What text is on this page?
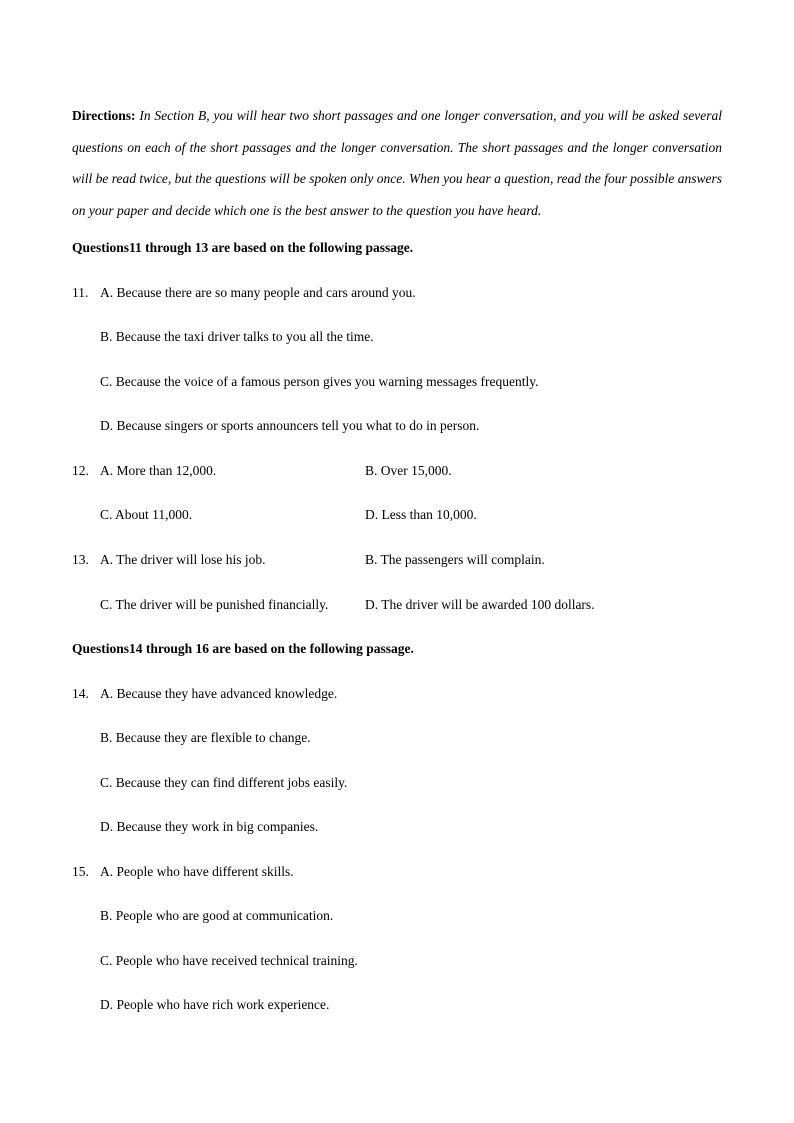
Directions: In Section B, you will hear two short passages and one longer conversation, and you will be asked several questions on each of the short passages and the longer conversation. The short passages and the longer conversation will be read twice, but the questions will be spoken only once. When you hear a question, read the four possible answers on your paper and decide which one is the best answer to the question you have heard.
Questions11 through 13 are based on the following passage.
11. A. Because there are so many people and cars around you.
B. Because the taxi driver talks to you all the time.
C. Because the voice of a famous person gives you warning messages frequently.
D. Because singers or sports announcers tell you what to do in person.
12. A. More than 12,000.	B. Over 15,000.
C. About 11,000.	D. Less than 10,000.
13. A. The driver will lose his job.	B. The passengers will complain.
C. The driver will be punished financially.	D. The driver will be awarded 100 dollars.
Questions14 through 16 are based on the following passage.
14. A. Because they have advanced knowledge.
B. Because they are flexible to change.
C. Because they can find different jobs easily.
D. Because they work in big companies.
15. A. People who have different skills.
B. People who are good at communication.
C. People who have received technical training.
D. People who have rich work experience.
